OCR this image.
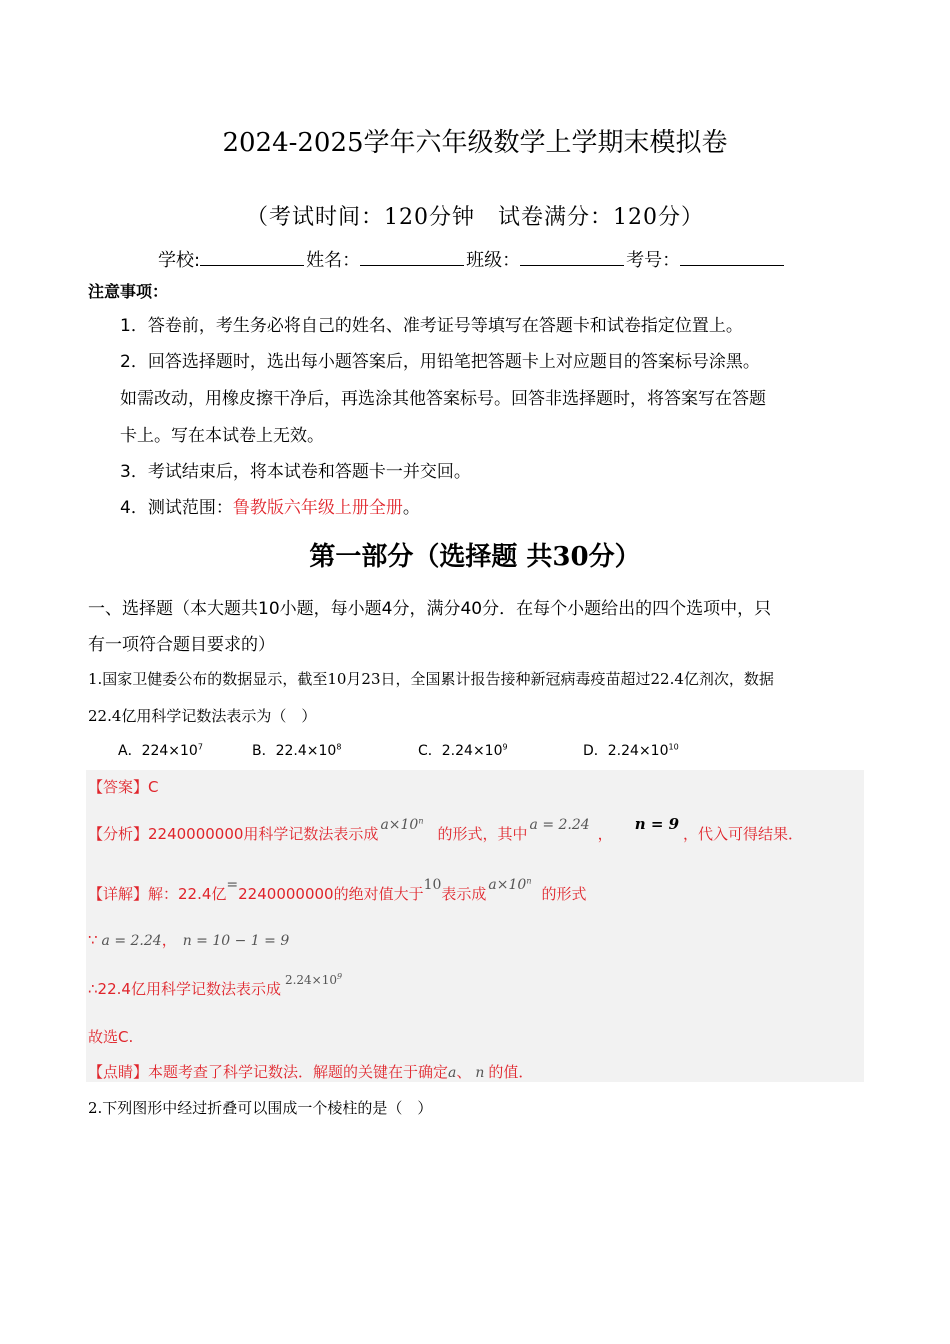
2024-2025学年六年级数学上学期末模拟卷
（考试时间：120分钟　试卷满分：120分）
学校:	姓名：	班级：	考号：
注意事项：
1．答卷前，考生务必将自己的姓名、准考证号等填写在答题卡和试卷指定位置上。
2．回答选择题时，选出每小题答案后，用铅笔把答题卡上对应题目的答案标号涂黑。
如需改动，用橡皮擦干净后，再选涂其他答案标号。回答非选择题时，将答案写在答题
卡上。写在本试卷上无效。
3．考试结束后，将本试卷和答题卡一并交回。
4．测试范围：鲁教版六年级上册全册。
第一部分（选择题 共30分）
一、选择题（本大题共10小题，每小题4分，满分40分．在每个小题给出的四个选项中，只
有一项符合题目要求的）
1.国家卫健委公布的数据显示，截至10月23日，全国累计报告接种新冠病毒疫苗超过22.4亿剂次，数据
22.4亿用科学记数法表示为（　）
A．$224\times 10^7$	B．$22.4\times 10^8$	C．$2.24\times 10^9$	D．$2.24\times 10^{10}$
【答案】C
【分析】2240000000用科学记数法表示成 $a\times 10^n$的形式，其中 a = 2.24 ，n = 9，代入可得结果．
【详解】解：22.4亿=2240000000的绝对值大于10表示成 $a\times 10^n$的形式
∵ a = 2.24， n = 10 − 1 = 9
∴22.4亿用科学记数法表示成 $^{2.24\times 10^9}$
故选C.
【点睛】本题考查了科学记数法．解题的关键在于确定a、 n 的值．
2.下列图形中经过折叠可以围成一个棱柱的是（　）
